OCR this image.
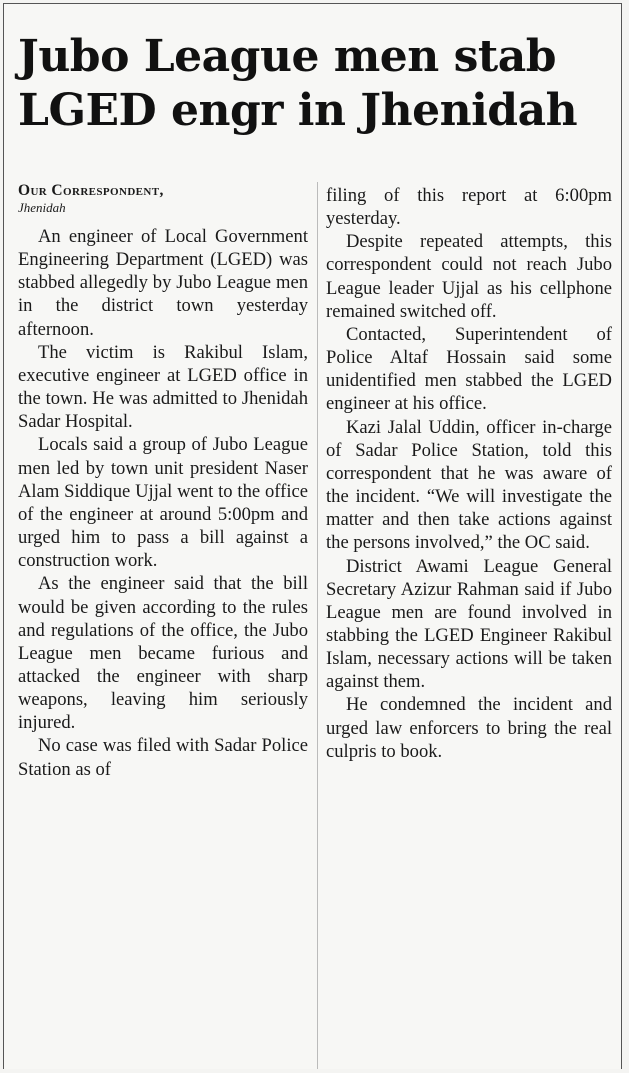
Jubo League men stab LGED engr in Jhenidah
Our Correspondent,
Jhenidah

An engineer of Local Government Engineering Department (LGED) was stabbed allegedly by Jubo League men in the district town yesterday afternoon.

The victim is Rakibul Islam, executive engineer at LGED office in the town. He was admitted to Jhenidah Sadar Hospital.

Locals said a group of Jubo League men led by town unit president Naser Alam Siddique Ujjal went to the office of the engineer at around 5:00pm and urged him to pass a bill against a construction work.

As the engineer said that the bill would be given according to the rules and regulations of the office, the Jubo League men became furious and attacked the engineer with sharp weapons, leaving him seriously injured.

No case was filed with Sadar Police Station as of

filing of this report at 6:00pm yesterday.

Despite repeated attempts, this correspondent could not reach Jubo League leader Ujjal as his cellphone remained switched off.

Contacted, Superintendent of Police Altaf Hossain said some unidentified men stabbed the LGED engineer at his office.

Kazi Jalal Uddin, officer in-charge of Sadar Police Station, told this correspondent that he was aware of the incident. “We will investigate the matter and then take actions against the persons involved,” the OC said.

District Awami League General Secretary Azizur Rahman said if Jubo League men are found involved in stabbing the LGED Engineer Rakibul Islam, necessary actions will be taken against them.

He condemned the incident and urged law enforcers to bring the real culpris to book.
